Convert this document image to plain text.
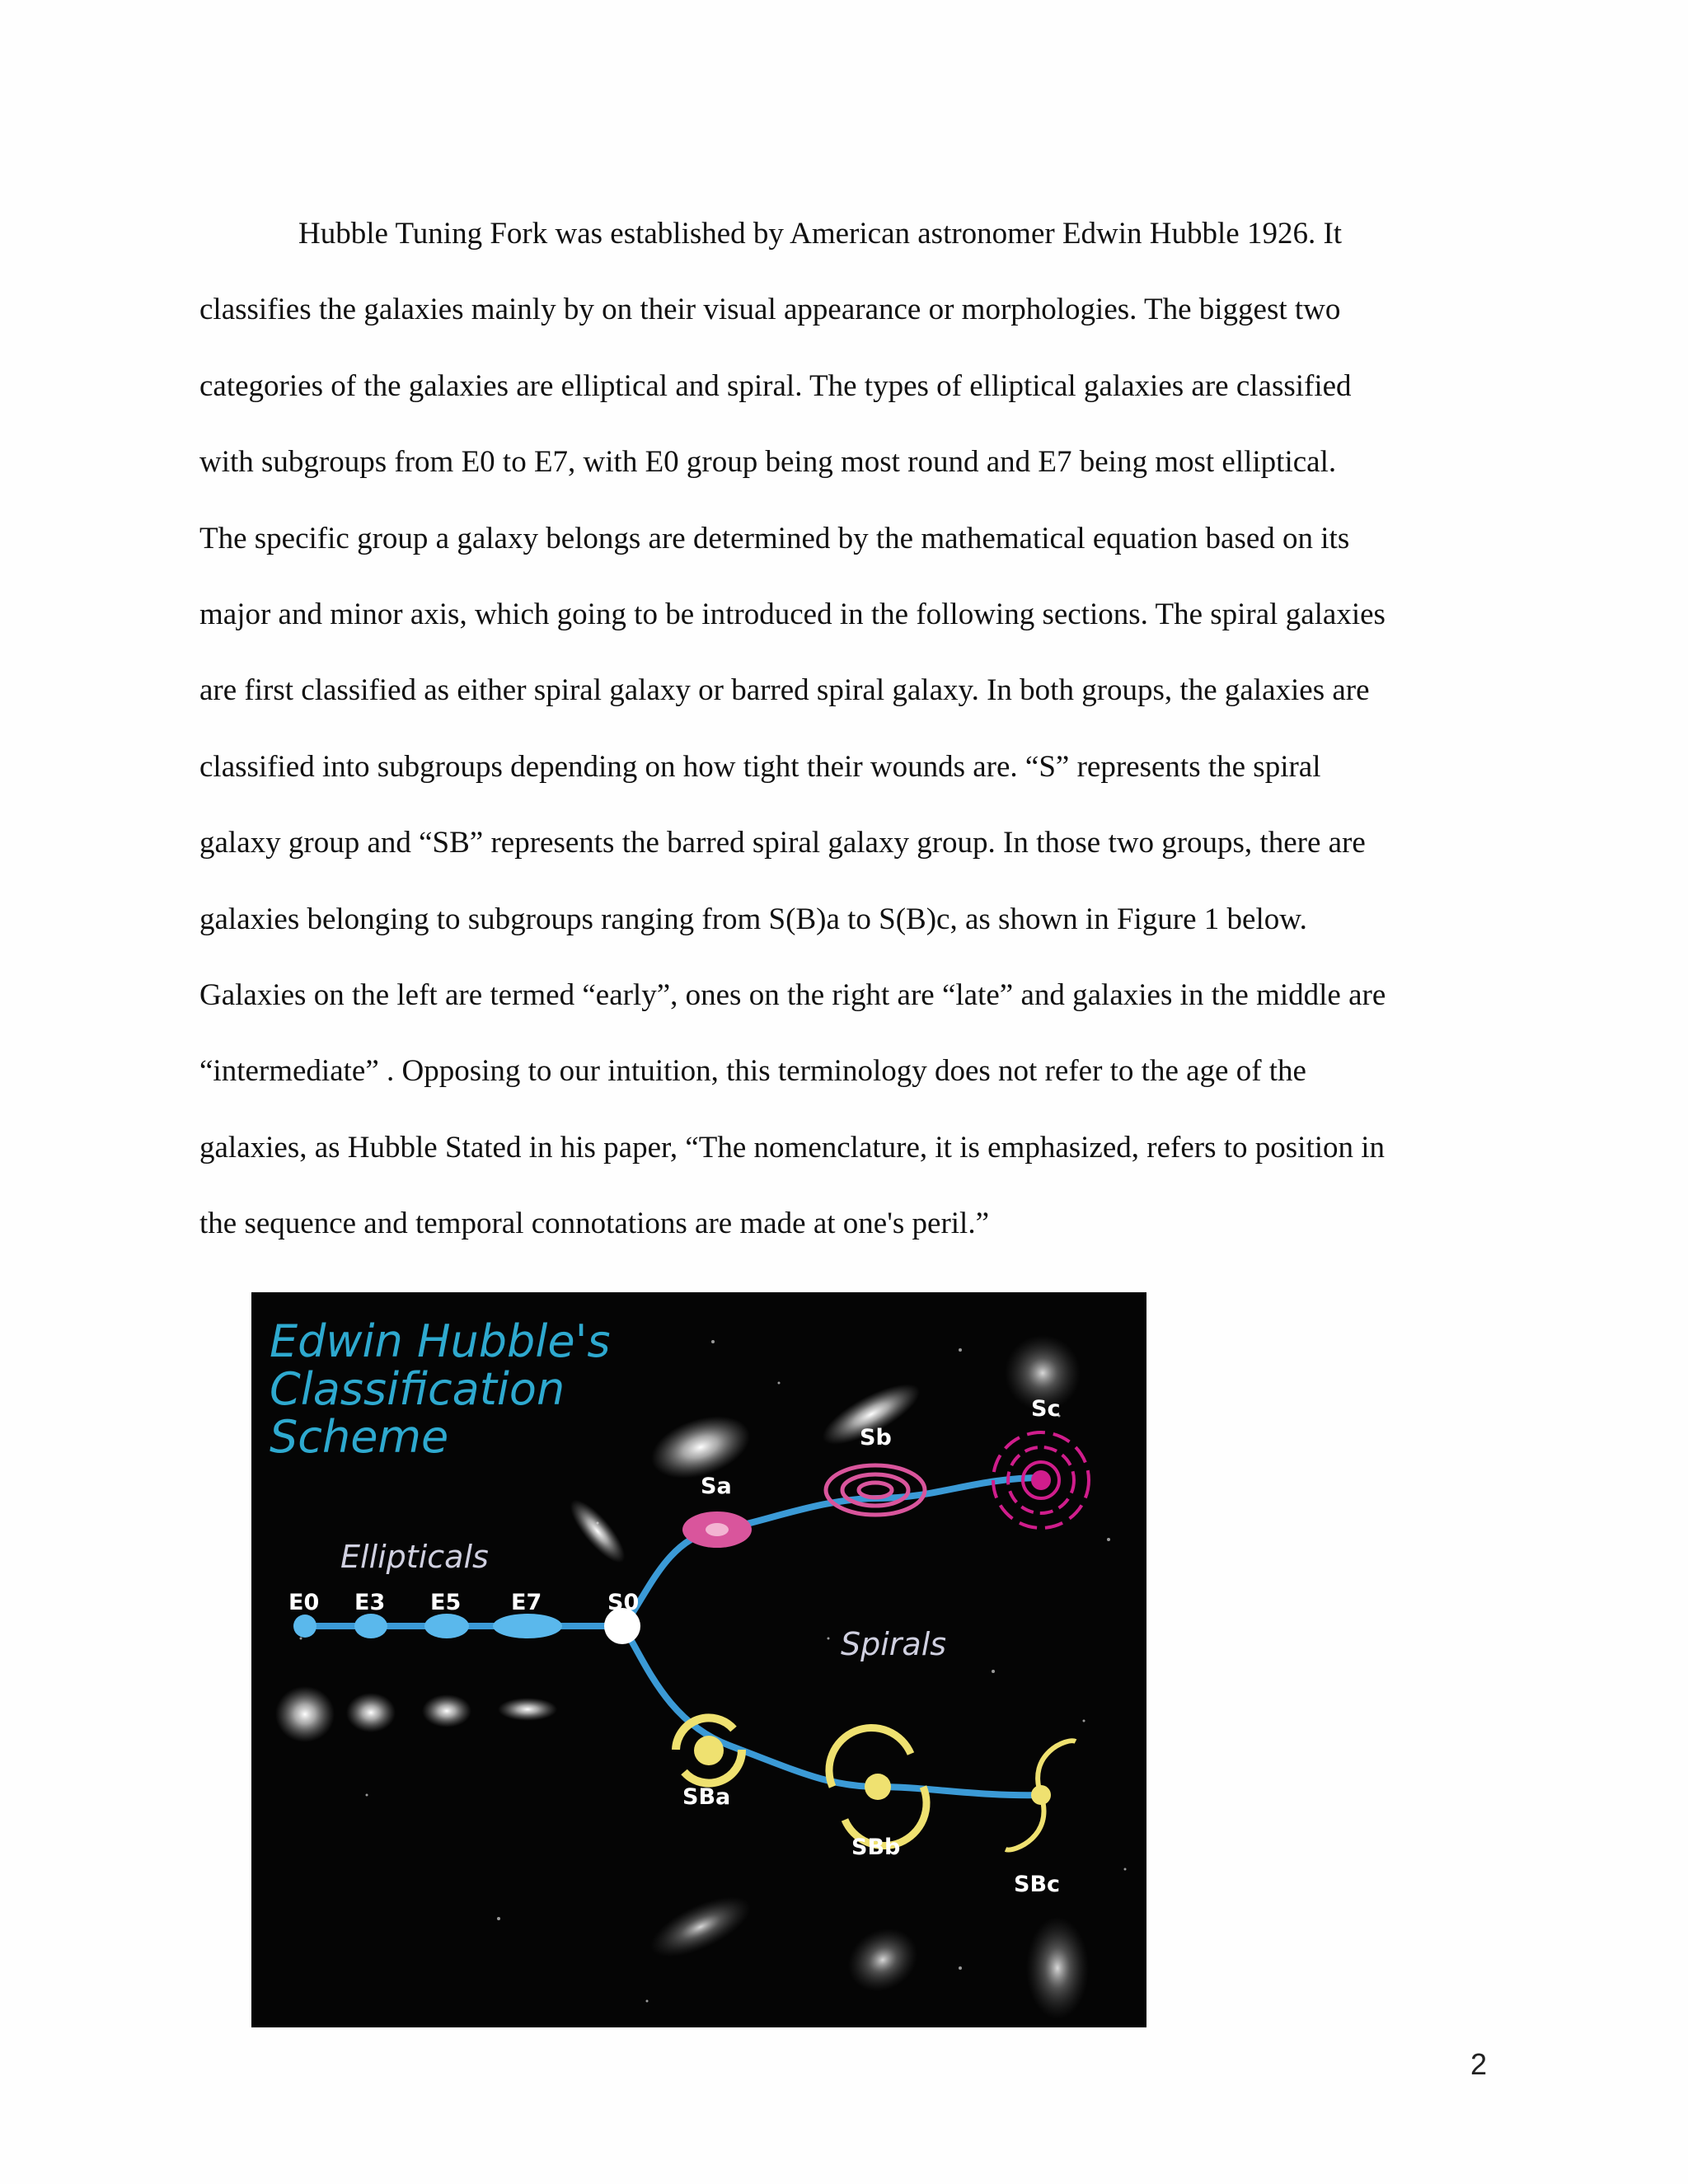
Hubble Tuning Fork was established by American astronomer Edwin Hubble 1926. It
classifies the galaxies mainly by on their visual appearance or morphologies. The biggest two
categories of the galaxies are elliptical and spiral. The types of elliptical galaxies are classified
with subgroups from E0 to E7, with E0 group being most round and E7 being most elliptical.
The specific group a galaxy belongs are determined by the mathematical equation based on its
major and minor axis, which going to be introduced in the following sections. The spiral galaxies
are first classified as either spiral galaxy or barred spiral galaxy. In both groups, the galaxies are
classified into subgroups depending on how tight their wounds are. “S” represents the spiral
galaxy group and “SB” represents the barred spiral galaxy group. In those two groups, there are
galaxies belonging to subgroups ranging from S(B)a to S(B)c, as shown in Figure 1 below.
Galaxies on the left are termed “early”, ones on the right are “late” and galaxies in the middle are
“intermediate” . Opposing to our intuition, this terminology does not refer to the age of the
galaxies, as Hubble Stated in his paper, “The nomenclature, it is emphasized, refers to position in
the sequence and temporal connotations are made at one's peril.”
Edwin Hubble's
Classification
Scheme
Ellipticals
Spirals
E0 E3 E5 E7	S0
Sa
Sb
Sc
SBa
SBb
SBc
2
